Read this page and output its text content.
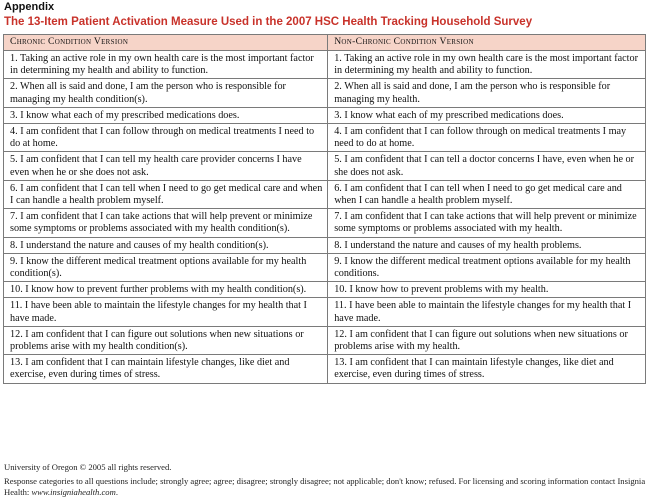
Appendix
The 13-Item Patient Activation Measure Used in the 2007 HSC Health Tracking Household Survey
Chronic Condition Version	Non-Chronic Condition Version
1. Taking an active role in my own health care is the most important factor in determining my health and ability to function.	1. Taking an active role in my own health care is the most important factor in determining my health and ability to function.
2. When all is said and done, I am the person who is responsible for managing my health condition(s).	2. When all is said and done, I am the person who is responsible for managing my health.
3. I know what each of my prescribed medications does.	3. I know what each of my prescribed medications does.
4. I am confident that I can follow through on medical treatments I need to do at home.	4. I am confident that I can follow through on medical treatments I may need to do at home.
5. I am confident that I can tell my health care provider concerns I have even when he or she does not ask.	5. I am confident that I can tell a doctor concerns I have, even when he or she does not ask.
6. I am confident that I can tell when I need to go get medical care and when I can handle a health problem myself.	6. I am confident that I can tell when I need to go get medical care and when I can handle a health problem myself.
7. I am confident that I can take actions that will help prevent or minimize some symptoms or problems associated with my health condition(s).	7. I am confident that I can take actions that will help prevent or minimize some symptoms or problems associated with my health.
8. I understand the nature and causes of my health condition(s).	8. I understand the nature and causes of my health problems.
9. I know the different medical treatment options available for my health condition(s).	9. I know the different medical treatment options available for my health conditions.
10. I know how to prevent further problems with my health condition(s).	10. I know how to prevent problems with my health.
11. I have been able to maintain the lifestyle changes for my health that I have made.	11. I have been able to maintain the lifestyle changes for my health that I have made.
12. I am confident that I can figure out solutions when new situations or problems arise with my health condition(s).	12. I am confident that I can figure out solutions when new situations or problems arise with my health.
13. I am confident that I can maintain lifestyle changes, like diet and exercise, even during times of stress.	13. I am confident that I can maintain lifestyle changes, like diet and exercise, even during times of stress.
University of Oregon © 2005 all rights reserved.
Response categories to all questions include; strongly agree; agree; disagree; strongly disagree; not applicable; don't know; refused. For licensing and scoring information contact Insignia Health: www.insigniahealth.com.
